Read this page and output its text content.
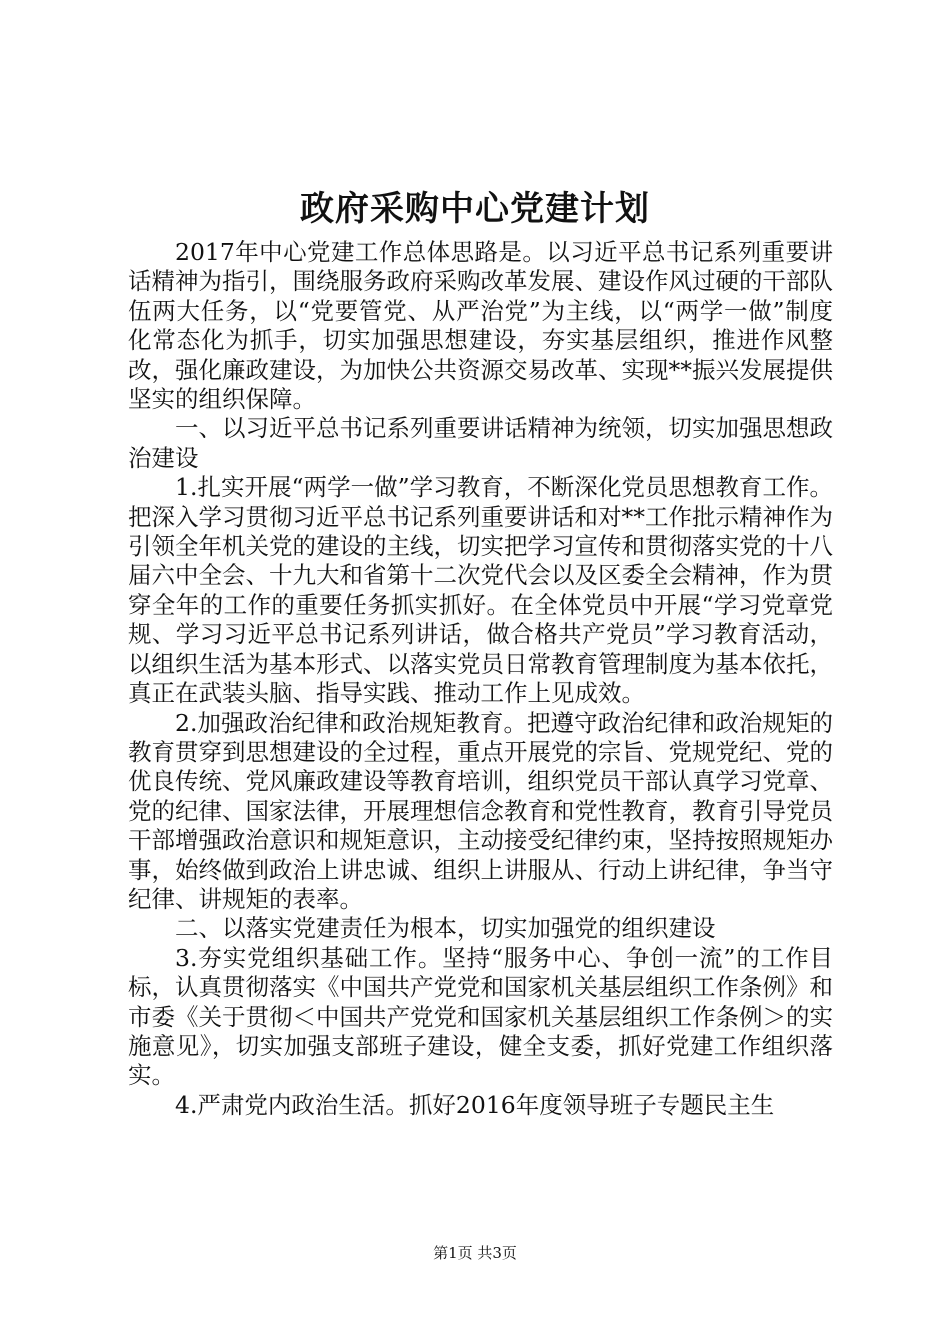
政府采购中心党建计划

2017年中心党建工作总体思路是。以习近平总书记系列重要讲话精神为指引，围绕服务政府采购改革发展、建设作风过硬的干部队伍两大任务，以“党要管党、从严治党”为主线，以“两学一做”制度化常态化为抓手，切实加强思想建设，夯实基层组织，推进作风整改，强化廉政建设，为加快公共资源交易改革、实现**振兴发展提供坚实的组织保障。

一、以习近平总书记系列重要讲话精神为统领，切实加强思想政治建设

1.扎实开展“两学一做”学习教育，不断深化党员思想教育工作。把深入学习贯彻习近平总书记系列重要讲话和对**工作批示精神作为引领全年机关党的建设的主线，切实把学习宣传和贯彻落实党的十八届六中全会、十九大和省第十二次党代会以及区委全会精神，作为贯穿全年的工作的重要任务抓实抓好。在全体党员中开展“学习党章党规、学习习近平总书记系列讲话，做合格共产党员”学习教育活动，以组织生活为基本形式、以落实党员日常教育管理制度为基本依托，真正在武装头脑、指导实践、推动工作上见成效。

2.加强政治纪律和政治规矩教育。把遵守政治纪律和政治规矩的教育贯穿到思想建设的全过程，重点开展党的宗旨、党规党纪、党的优良传统、党风廉政建设等教育培训，组织党员干部认真学习党章、党的纪律、国家法律，开展理想信念教育和党性教育，教育引导党员干部增强政治意识和规矩意识，主动接受纪律约束，坚持按照规矩办事，始终做到政治上讲忠诚、组织上讲服从、行动上讲纪律，争当守纪律、讲规矩的表率。

二、以落实党建责任为根本，切实加强党的组织建设

3.夯实党组织基础工作。坚持“服务中心、争创一流”的工作目标，认真贯彻落实《中国共产党党和国家机关基层组织工作条例》和市委《关于贯彻＜中国共产党党和国家机关基层组织工作条例＞的实施意见》，切实加强支部班子建设，健全支委，抓好党建工作组织落实。

4.严肃党内政治生活。抓好2016年度领导班子专题民主生

第1页 共3页
